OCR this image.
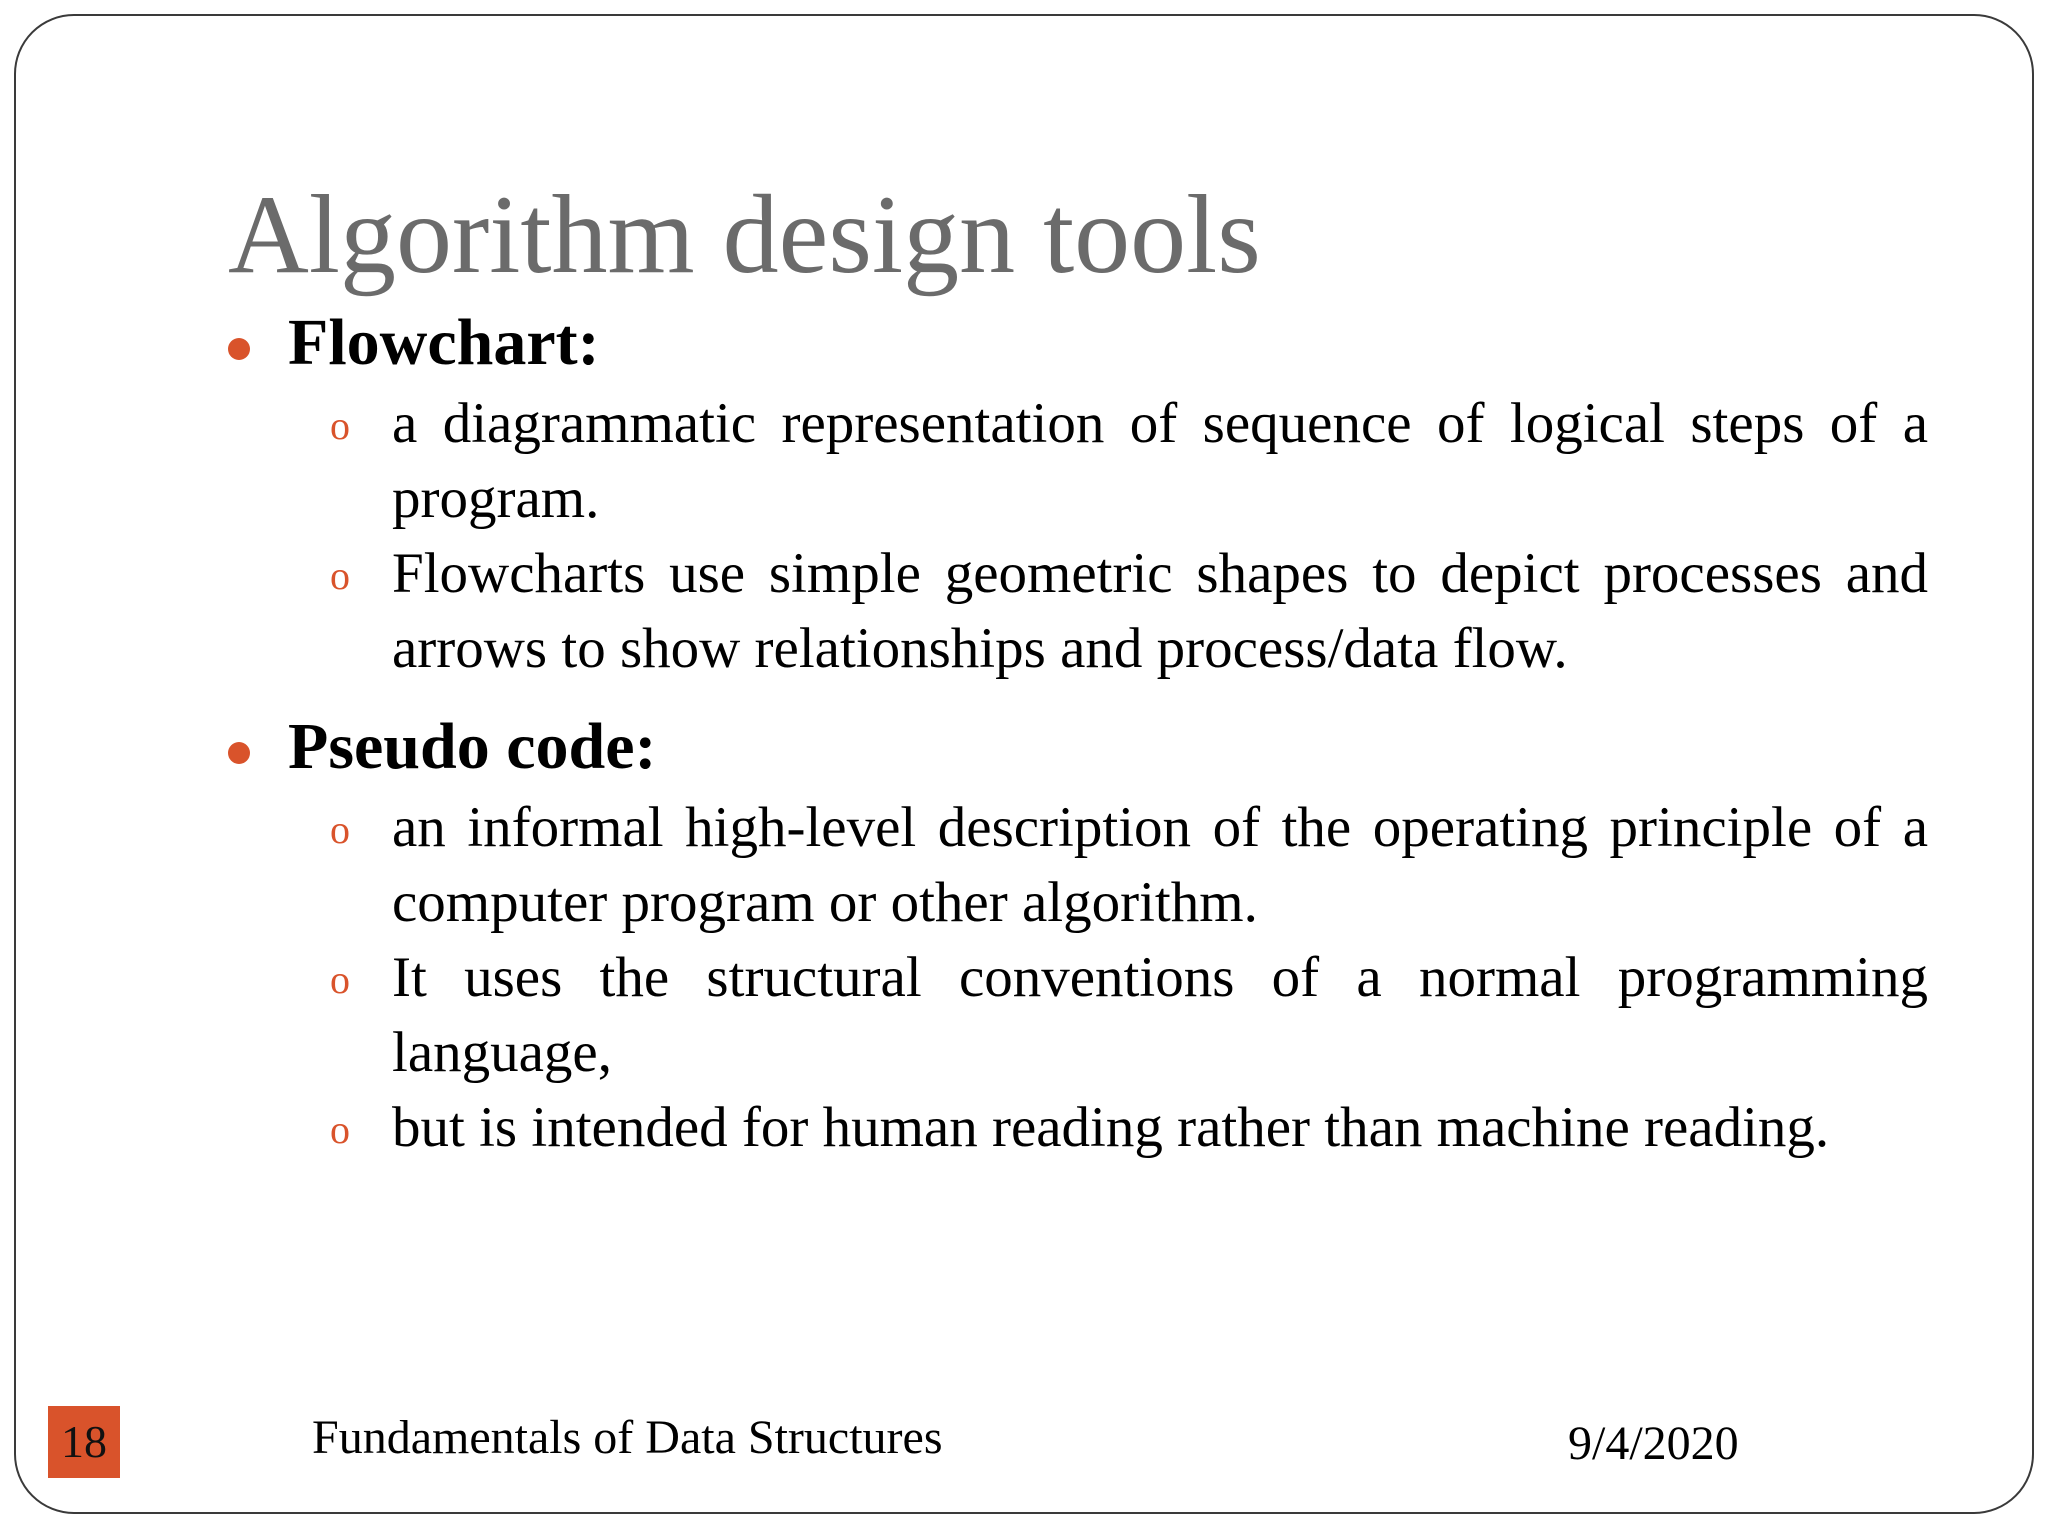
Algorithm design tools
Flowchart:
o a diagrammatic representation of sequence of logical steps of a program.
o Flowcharts use simple geometric shapes to depict processes and arrows to show relationships and process/data flow.
Pseudo code:
o an informal high-level description of the operating principle of a computer program or other algorithm.
o It uses the structural conventions of a normal programming language,
o but is intended for human reading rather than machine reading.
18	Fundamentals of Data Structures	9/4/2020
